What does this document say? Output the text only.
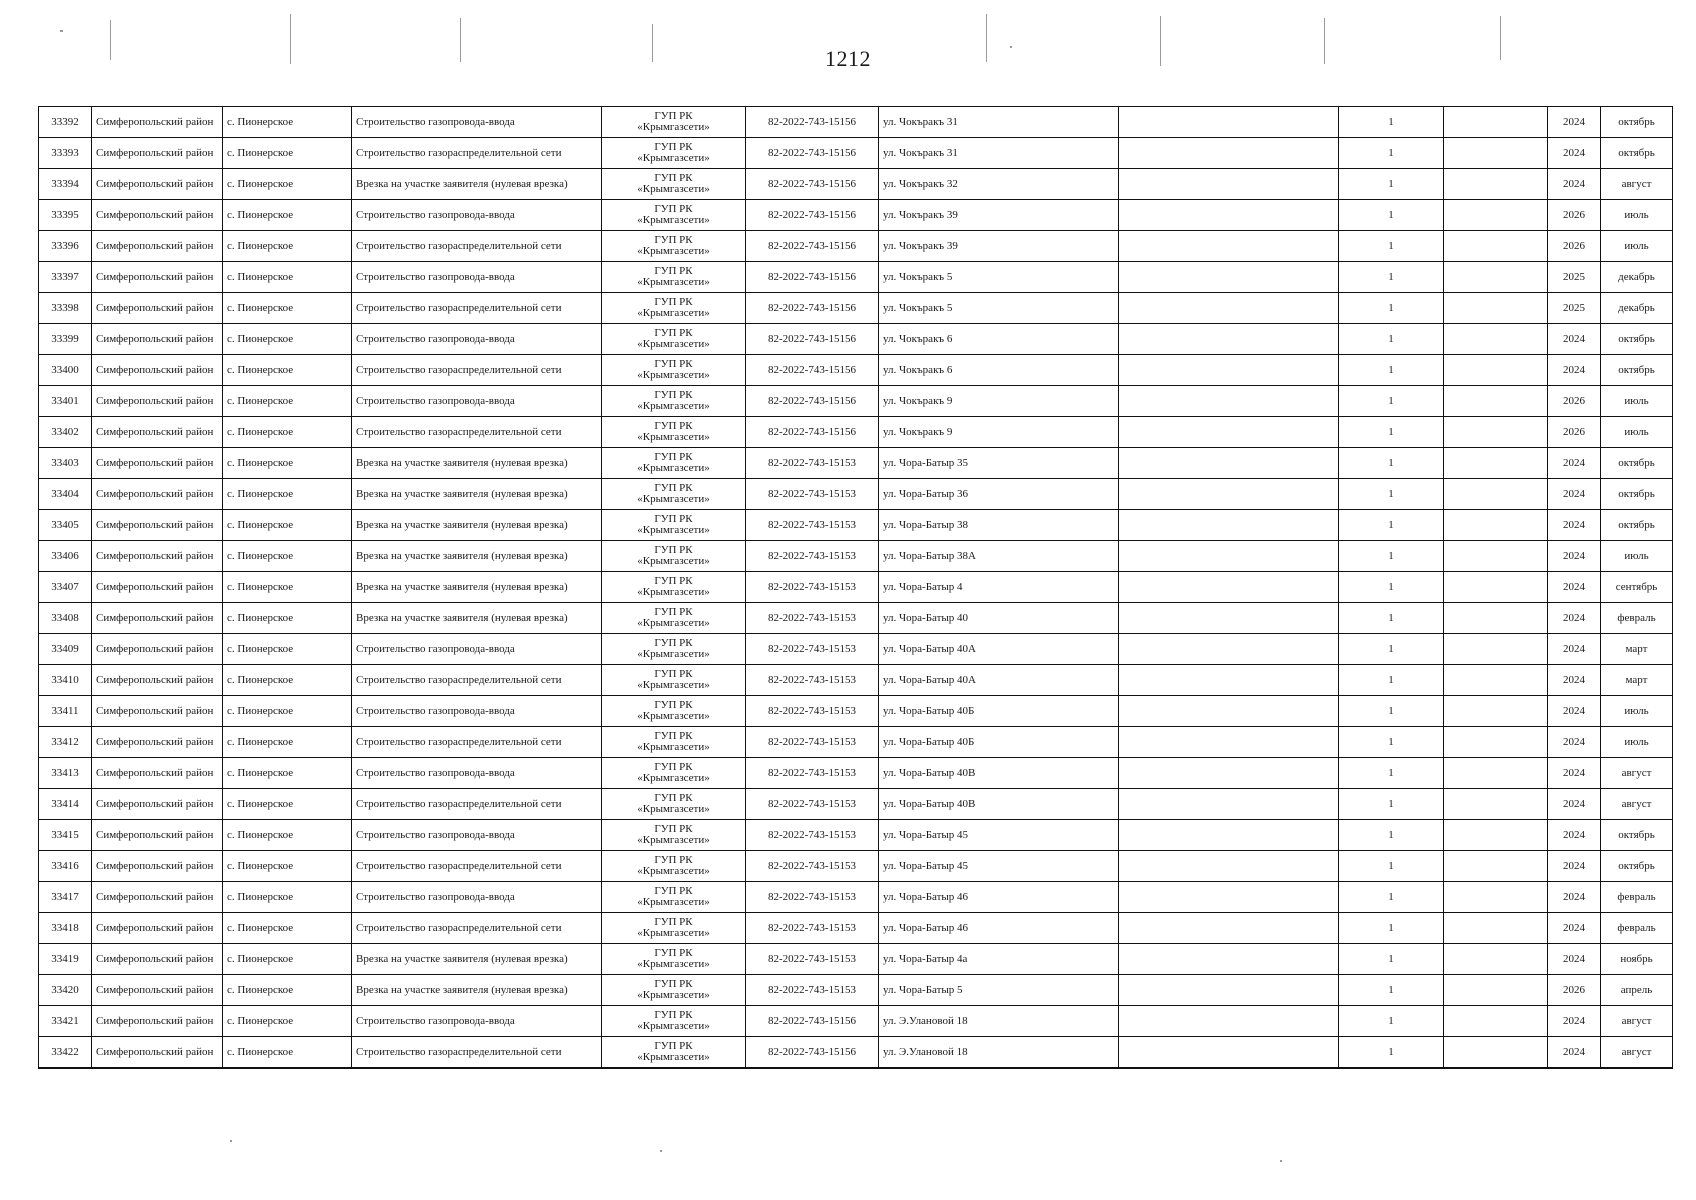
1212
33392	Симферопольский район	с. Пионерское	Строительство газопровода-ввода	ГУП РК
«Крымгазсети»	82-2022-743-15156	ул. Чокъракъ 31		1		2024	октябрь
33393	Симферопольский район	с. Пионерское	Строительство газораспределительной сети	ГУП РК
«Крымгазсети»	82-2022-743-15156	ул. Чокъракъ 31		1		2024	октябрь
33394	Симферопольский район	с. Пионерское	Врезка на участке заявителя (нулевая врезка)	ГУП РК
«Крымгазсети»	82-2022-743-15156	ул. Чокъракъ 32		1		2024	август
33395	Симферопольский район	с. Пионерское	Строительство газопровода-ввода	ГУП РК
«Крымгазсети»	82-2022-743-15156	ул. Чокъракъ 39		1		2026	июль
33396	Симферопольский район	с. Пионерское	Строительство газораспределительной сети	ГУП РК
«Крымгазсети»	82-2022-743-15156	ул. Чокъракъ 39		1		2026	июль
33397	Симферопольский район	с. Пионерское	Строительство газопровода-ввода	ГУП РК
«Крымгазсети»	82-2022-743-15156	ул. Чокъракъ 5		1		2025	декабрь
33398	Симферопольский район	с. Пионерское	Строительство газораспределительной сети	ГУП РК
«Крымгазсети»	82-2022-743-15156	ул. Чокъракъ 5		1		2025	декабрь
33399	Симферопольский район	с. Пионерское	Строительство газопровода-ввода	ГУП РК
«Крымгазсети»	82-2022-743-15156	ул. Чокъракъ 6		1		2024	октябрь
33400	Симферопольский район	с. Пионерское	Строительство газораспределительной сети	ГУП РК
«Крымгазсети»	82-2022-743-15156	ул. Чокъракъ 6		1		2024	октябрь
33401	Симферопольский район	с. Пионерское	Строительство газопровода-ввода	ГУП РК
«Крымгазсети»	82-2022-743-15156	ул. Чокъракъ 9		1		2026	июль
33402	Симферопольский район	с. Пионерское	Строительство газораспределительной сети	ГУП РК
«Крымгазсети»	82-2022-743-15156	ул. Чокъракъ 9		1		2026	июль
33403	Симферопольский район	с. Пионерское	Врезка на участке заявителя (нулевая врезка)	ГУП РК
«Крымгазсети»	82-2022-743-15153	ул. Чора-Батыр 35		1		2024	октябрь
33404	Симферопольский район	с. Пионерское	Врезка на участке заявителя (нулевая врезка)	ГУП РК
«Крымгазсети»	82-2022-743-15153	ул. Чора-Батыр 36		1		2024	октябрь
33405	Симферопольский район	с. Пионерское	Врезка на участке заявителя (нулевая врезка)	ГУП РК
«Крымгазсети»	82-2022-743-15153	ул. Чора-Батыр 38		1		2024	октябрь
33406	Симферопольский район	с. Пионерское	Врезка на участке заявителя (нулевая врезка)	ГУП РК
«Крымгазсети»	82-2022-743-15153	ул. Чора-Батыр 38А		1		2024	июль
33407	Симферопольский район	с. Пионерское	Врезка на участке заявителя (нулевая врезка)	ГУП РК
«Крымгазсети»	82-2022-743-15153	ул. Чора-Батыр 4		1		2024	сентябрь
33408	Симферопольский район	с. Пионерское	Врезка на участке заявителя (нулевая врезка)	ГУП РК
«Крымгазсети»	82-2022-743-15153	ул. Чора-Батыр 40		1		2024	февраль
33409	Симферопольский район	с. Пионерское	Строительство газопровода-ввода	ГУП РК
«Крымгазсети»	82-2022-743-15153	ул. Чора-Батыр 40А		1		2024	март
33410	Симферопольский район	с. Пионерское	Строительство газораспределительной сети	ГУП РК
«Крымгазсети»	82-2022-743-15153	ул. Чора-Батыр 40А		1		2024	март
33411	Симферопольский район	с. Пионерское	Строительство газопровода-ввода	ГУП РК
«Крымгазсети»	82-2022-743-15153	ул. Чора-Батыр 40Б		1		2024	июль
33412	Симферопольский район	с. Пионерское	Строительство газораспределительной сети	ГУП РК
«Крымгазсети»	82-2022-743-15153	ул. Чора-Батыр 40Б		1		2024	июль
33413	Симферопольский район	с. Пионерское	Строительство газопровода-ввода	ГУП РК
«Крымгазсети»	82-2022-743-15153	ул. Чора-Батыр 40В		1		2024	август
33414	Симферопольский район	с. Пионерское	Строительство газораспределительной сети	ГУП РК
«Крымгазсети»	82-2022-743-15153	ул. Чора-Батыр 40В		1		2024	август
33415	Симферопольский район	с. Пионерское	Строительство газопровода-ввода	ГУП РК
«Крымгазсети»	82-2022-743-15153	ул. Чора-Батыр 45		1		2024	октябрь
33416	Симферопольский район	с. Пионерское	Строительство газораспределительной сети	ГУП РК
«Крымгазсети»	82-2022-743-15153	ул. Чора-Батыр 45		1		2024	октябрь
33417	Симферопольский район	с. Пионерское	Строительство газопровода-ввода	ГУП РК
«Крымгазсети»	82-2022-743-15153	ул. Чора-Батыр 46		1		2024	февраль
33418	Симферопольский район	с. Пионерское	Строительство газораспределительной сети	ГУП РК
«Крымгазсети»	82-2022-743-15153	ул. Чора-Батыр 46		1		2024	февраль
33419	Симферопольский район	с. Пионерское	Врезка на участке заявителя (нулевая врезка)	ГУП РК
«Крымгазсети»	82-2022-743-15153	ул. Чора-Батыр 4а		1		2024	ноябрь
33420	Симферопольский район	с. Пионерское	Врезка на участке заявителя (нулевая врезка)	ГУП РК
«Крымгазсети»	82-2022-743-15153	ул. Чора-Батыр 5		1		2026	апрель
33421	Симферопольский район	с. Пионерское	Строительство газопровода-ввода	ГУП РК
«Крымгазсети»	82-2022-743-15156	ул. Э.Улановой 18		1		2024	август
33422	Симферопольский район	с. Пионерское	Строительство газораспределительной сети	ГУП РК
«Крымгазсети»	82-2022-743-15156	ул. Э.Улановой 18		1		2024	август
